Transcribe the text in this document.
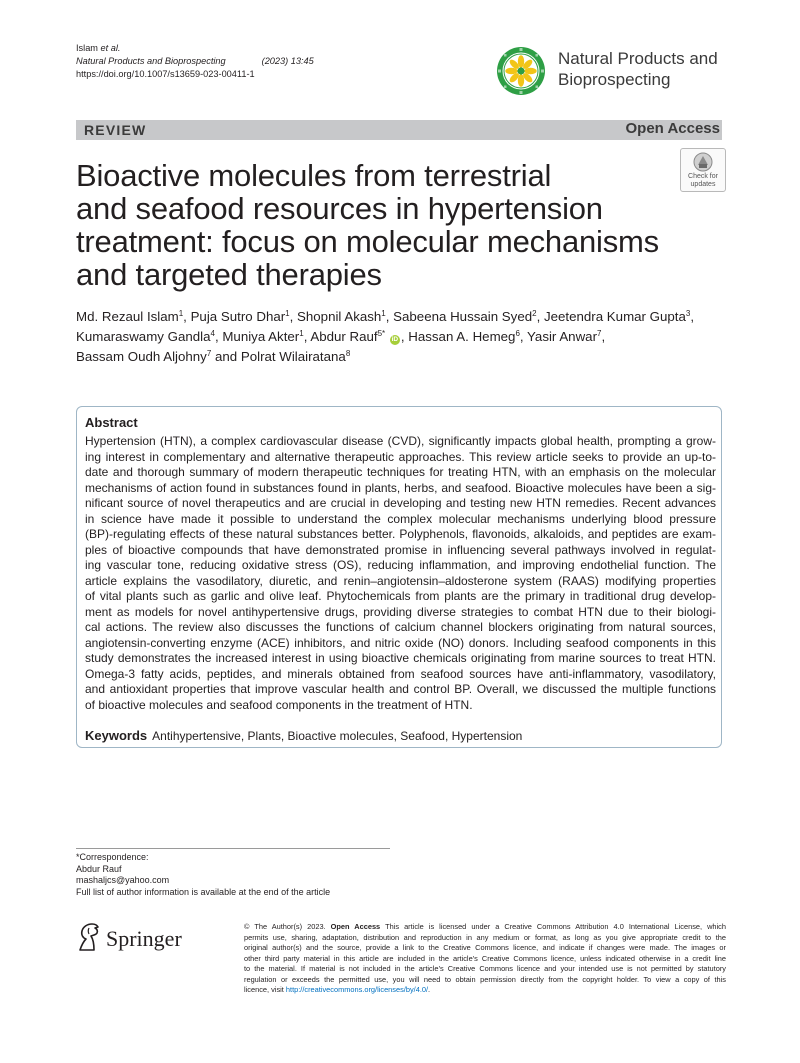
Islam et al.
Natural Products and Bioprospecting	(2023) 13:45
https://doi.org/10.1007/s13659-023-00411-1
Natural Products and
Bioprospecting
REVIEW	Open Access
Check for
updates
Bioactive molecules from terrestrial
and seafood resources in hypertension
treatment: focus on molecular mechanisms
and targeted therapies
Md. Rezaul Islam$^1$, Puja Sutro Dhar$^1$, Shopnil Akash$^1$, Sabeena Hussain Syed$^2$, Jeetendra Kumar Gupta$^3$,
Kumaraswamy Gandla$^4$, Muniya Akter$^1$, Abdur Rauf$^{5*}$ iD , Hassan A. Hemeg$^6$, Yasir Anwar$^7$,
Bassam Oudh Aljohny$^7$ and Polrat Wilairatana$^8$
Abstract
Hypertension (HTN), a complex cardiovascular disease (CVD), significantly impacts global health, prompting a grow-
ing interest in complementary and alternative therapeutic approaches. This review article seeks to provide an up-to-
date and thorough summary of modern therapeutic techniques for treating HTN, with an emphasis on the molecular
mechanisms of action found in substances found in plants, herbs, and seafood. Bioactive molecules have been a sig-
nificant source of novel therapeutics and are crucial in developing and testing new HTN remedies. Recent advances
in science have made it possible to understand the complex molecular mechanisms underlying blood pressure
(BP)-regulating effects of these natural substances better. Polyphenols, flavonoids, alkaloids, and peptides are exam-
ples of bioactive compounds that have demonstrated promise in influencing several pathways involved in regulat-
ing vascular tone, reducing oxidative stress (OS), reducing inflammation, and improving endothelial function. The
article explains the vasodilatory, diuretic, and renin–angiotensin–aldosterone system (RAAS) modifying properties
of vital plants such as garlic and olive leaf. Phytochemicals from plants are the primary in traditional drug develop-
ment as models for novel antihypertensive drugs, providing diverse strategies to combat HTN due to their biologi-
cal actions. The review also discusses the functions of calcium channel blockers originating from natural sources,
angiotensin-converting enzyme (ACE) inhibitors, and nitric oxide (NO) donors. Including seafood components in this
study demonstrates the increased interest in using bioactive chemicals originating from marine sources to treat HTN.
Omega-3 fatty acids, peptides, and minerals obtained from seafood sources have anti-inflammatory, vasodilatory,
and antioxidant properties that improve vascular health and control BP. Overall, we discussed the multiple functions
of bioactive molecules and seafood components in the treatment of HTN.
Keywords Antihypertensive, Plants, Bioactive molecules, Seafood, Hypertension
*Correspondence:
Abdur Rauf
mashaljcs@yahoo.com
Full list of author information is available at the end of the article
Springer	© The Author(s) 2023. Open Access This article is licensed under a Creative Commons Attribution 4.0 International License, which
permits use, sharing, adaptation, distribution and reproduction in any medium or format, as long as you give appropriate credit to the
original author(s) and the source, provide a link to the Creative Commons licence, and indicate if changes were made. The images or
other third party material in this article are included in the article’s Creative Commons licence, unless indicated otherwise in a credit line
to the material. If material is not included in the article’s Creative Commons licence and your intended use is not permitted by statutory
regulation or exceeds the permitted use, you will need to obtain permission directly from the copyright holder. To view a copy of this
licence, visit http://creativecommons.org/licenses/by/4.0/.
